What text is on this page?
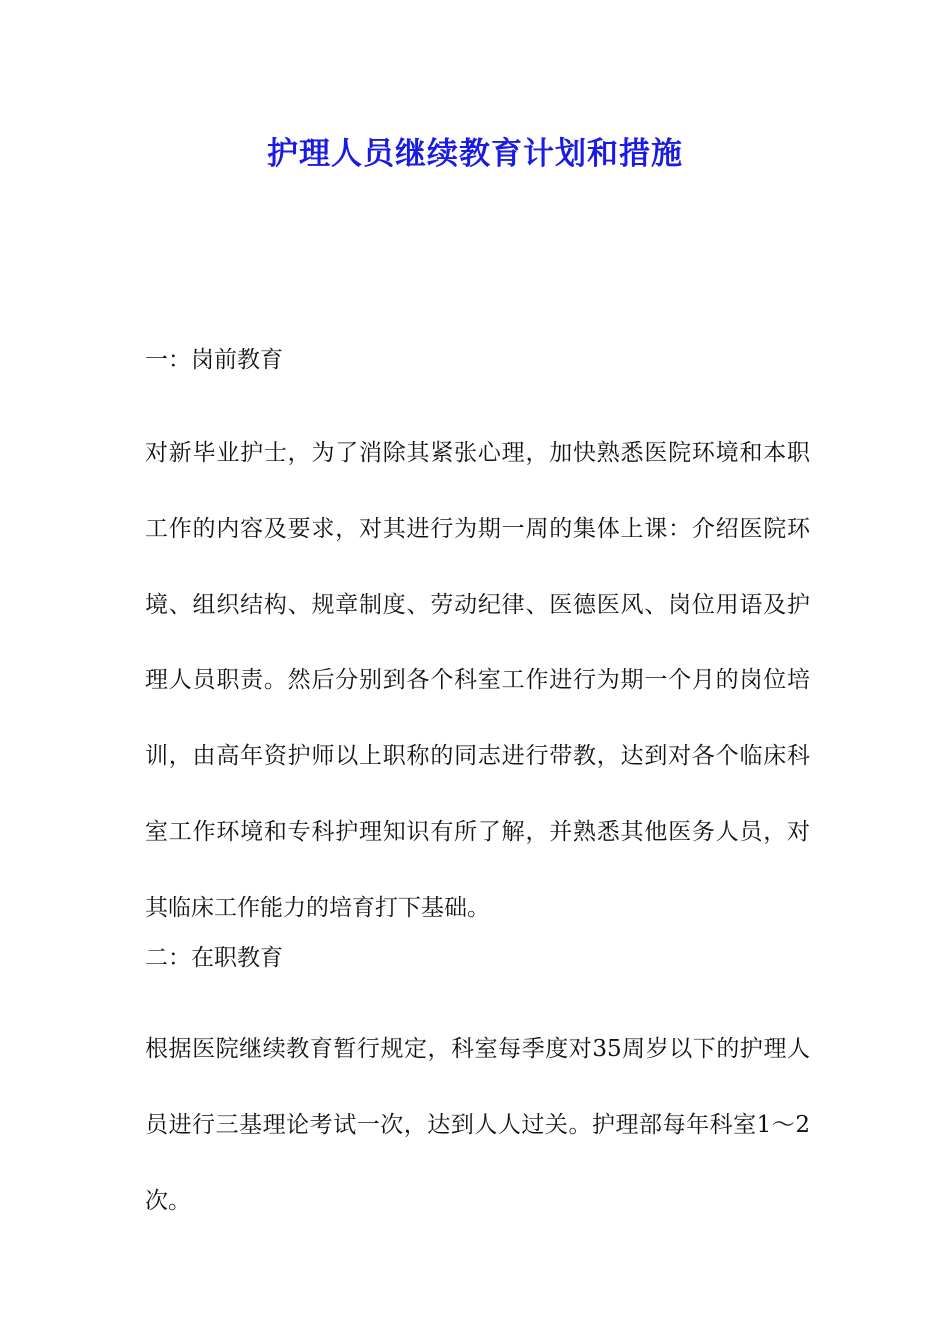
护理人员继续教育计划和措施

一：岗前教育

对新毕业护士，为了消除其紧张心理，加快熟悉医院环境和本职工作的内容及要求，对其进行为期一周的集体上课：介绍医院环境、组织结构、规章制度、劳动纪律、医德医风、岗位用语及护理人员职责。然后分别到各个科室工作进行为期一个月的岗位培训，由高年资护师以上职称的同志进行带教，达到对各个临床科室工作环境和专科护理知识有所了解，并熟悉其他医务人员，对其临床工作能力的培育打下基础。

二：在职教育

根据医院继续教育暂行规定，科室每季度对35周岁以下的护理人员进行三基理论考试一次，达到人人过关。护理部每年科室1～2次。
